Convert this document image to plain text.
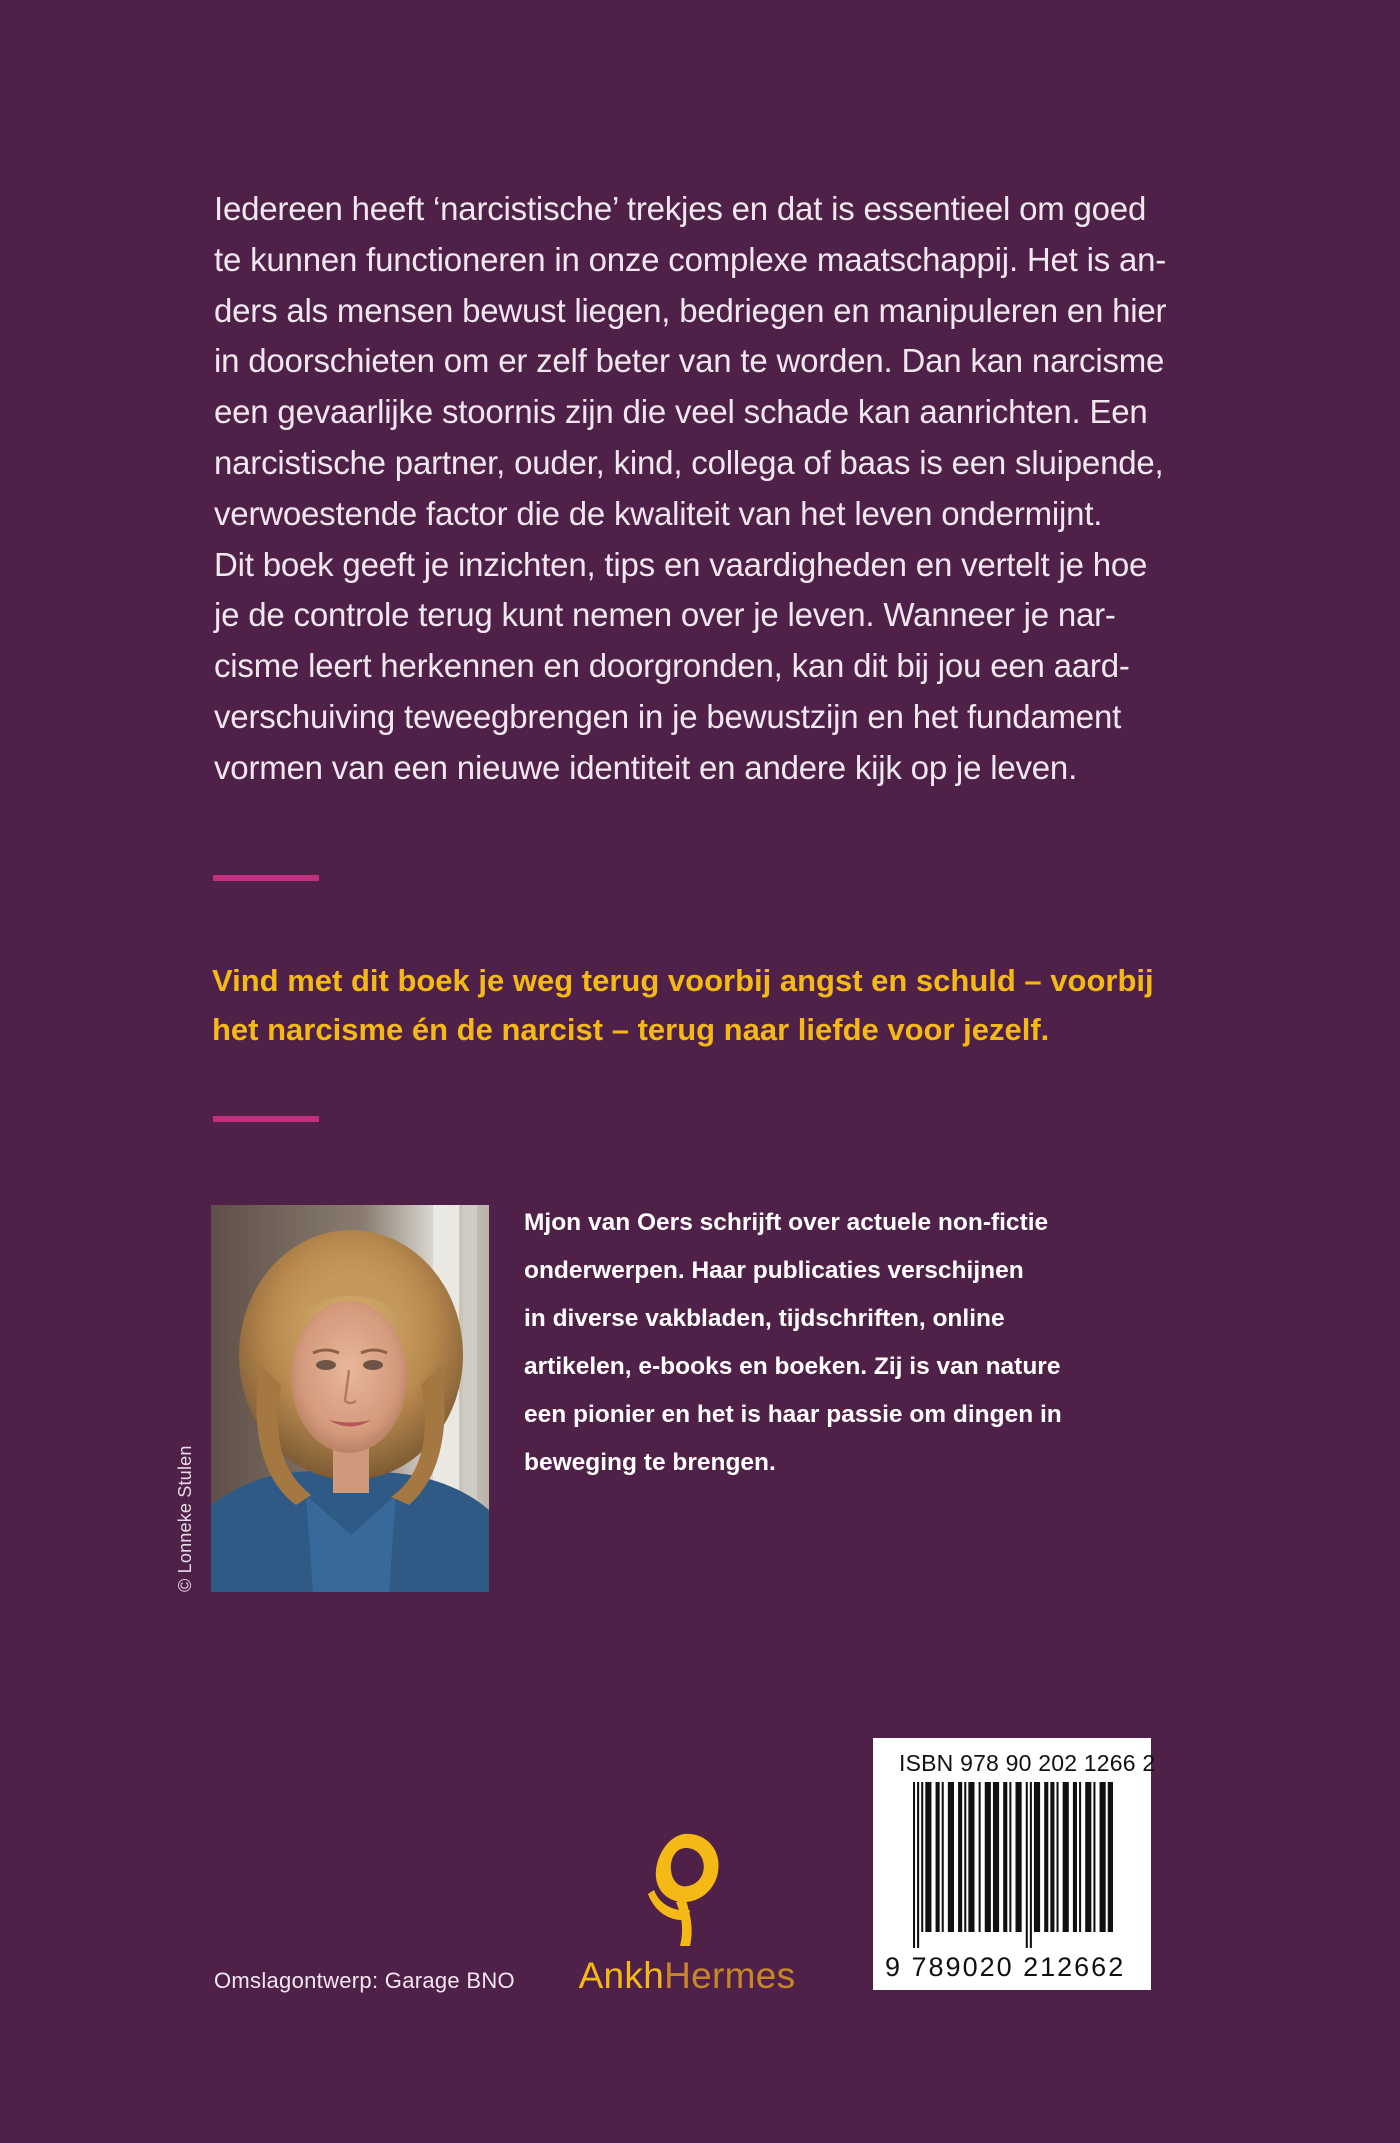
Iedereen heeft ‘narcistische’ trekjes en dat is essentieel om goed
te kunnen functioneren in onze complexe maatschappij. Het is an-
ders als mensen bewust liegen, bedriegen en manipuleren en hier
in doorschieten om er zelf beter van te worden. Dan kan narcisme
een gevaarlijke stoornis zijn die veel schade kan aanrichten. Een
narcistische partner, ouder, kind, collega of baas is een sluipende,
verwoestende factor die de kwaliteit van het leven ondermijnt.
Dit boek geeft je inzichten, tips en vaardigheden en vertelt je hoe
je de controle terug kunt nemen over je leven. Wanneer je nar-
cisme leert herkennen en doorgronden, kan dit bij jou een aard-
verschuiving teweegbrengen in je bewustzijn en het fundament
vormen van een nieuwe identiteit en andere kijk op je leven.
Vind met dit boek je weg terug voorbij angst en schuld – voorbij
het narcisme én de narcist – terug naar liefde voor jezelf.
© Lonneke Stulen
Mjon van Oers schrijft over actuele non-fictie
onderwerpen. Haar publicaties verschijnen
in diverse vakbladen, tijdschriften, online
artikelen, e-books en boeken. Zij is van nature
een pionier en het is haar passie om dingen in
beweging te brengen.
Omslagontwerp: Garage BNO AnkhHermes
ISBN 978 90 202 1266 2
9 789020 212662
